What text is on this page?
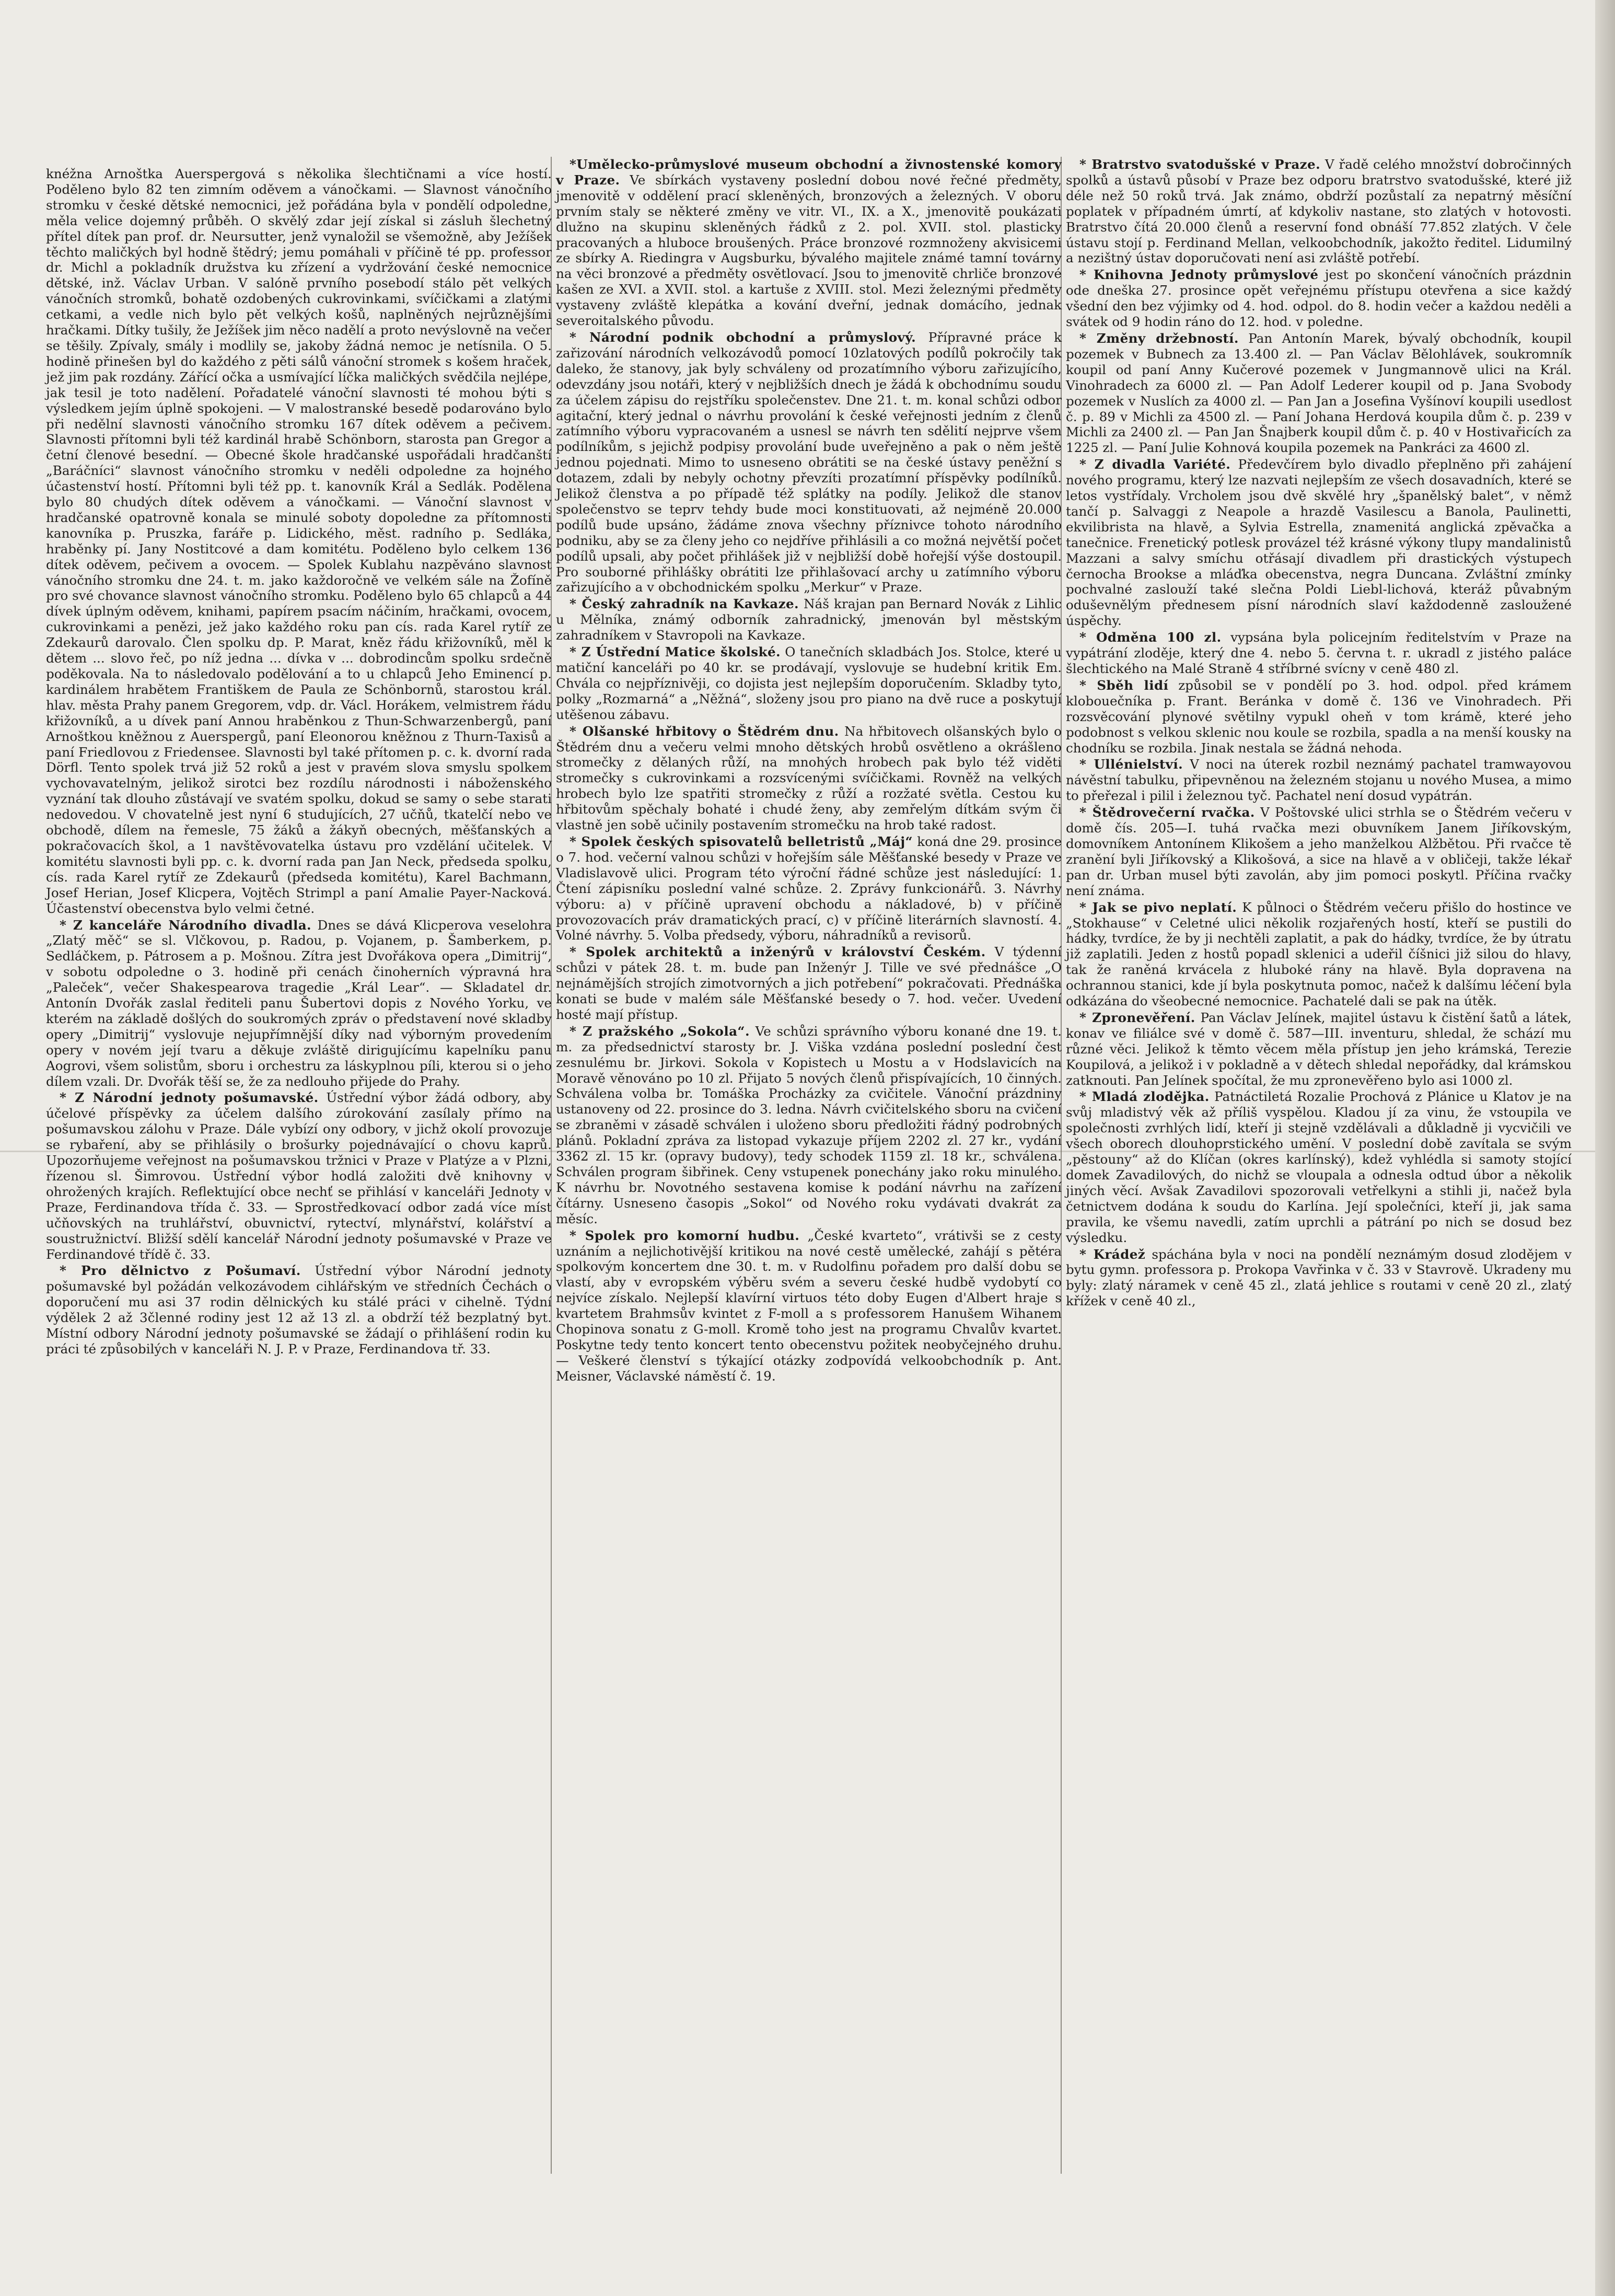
knéžna Arnoštka Auerspergová s několika šlechtičnami a více hostí. Poděleno bylo 82 ten zimním oděvem a vánočkami. — Slavnost vánočního stromku v české dětské nemocnici, jež pořádána byla v pondělí odpoledne, měla velice dojemný průběh. O skvělý zdar její získal si zásluh šlechetný přítel dítek pan prof. dr. Neursutter, jenž vynaložil se všemožně, aby Ježíšek těchto maličkých byl hodně štědrý; jemu pomáhali v příčině té pp. professor dr. Michl a pokladník družstva ku zřízení a vydržování české nemocnice dětské, inž. Václav Urban. V salóně prvního posebodí stálo pět velkých vánočních stromků, bohatě ozdobených cukrovinkami, svíčičkami a zlatými cetkami, a vedle nich bylo pět velkých košů, naplněných nejrůznějšími hračkami. Dítky tušily, že Ježíšek jim něco nadělí a proto nevýslovně na večer se těšily. Zpívaly, smály i modlily se, jakoby žádná nemoc je netísnila. O 5. hodině přinešen byl do každého z pěti sálů vánoční stromek s košem hraček, jež jim pak rozdány. Zářící očka a usmívající líčka maličkých svědčila nejlépe, jak tesil je toto nadělení. Pořadatelé vánoční slavnosti té mohou býti s výsledkem jejím úplně spokojeni. — V malostranské besedě podarováno bylo při nedělní slavnosti vánočního stromku 167 dítek oděvem a pečivem. Slavnosti přítomni byli též kardinál hrabě Schönborn, starosta pan Gregor a četní členové besední. — Obecné škole hradčanské uspořádali hradčanští „Baráčníci“ slavnost vánočního stromku v neděli odpoledne za hojného účastenství hostí. Přítomni byli též pp. t. kanovník Král a Sedlák. Podělena bylo 80 chudých dítek oděvem a vánočkami. — Vánoční slavnost v hradčanské opatrovně konala se minulé soboty dopoledne za přítomnosti kanovníka p. Pruszka, faráře p. Lidického, měst. radního p. Sedláka, hraběnky pí. Jany Nostitcové a dam komitétu. Poděleno bylo celkem 136 dítek oděvem, pečivem a ovocem. — Spolek Kublahu nazpěváno slavnost vánočního stromku dne 24. t. m. jako každoročně ve velkém sále na Žofíně pro své chovance slavnost vánočního stromku. Poděleno bylo 65 chlapců a 44 dívek úplným oděvem, knihami, papírem psacím náčiním, hračkami, ovocem, cukrovinkami a penězi, jež jako každého roku pan cís. rada Karel rytíř ze Zdekaurů darovalo. Člen spolku dp. P. Marat, kněz řádu křižovníků, měl k dětem ... slovo řeč, po níž jedna ... dívka v ... dobrodincům spolku srdečně poděkovala. Na to následovalo podělování a to u chlapců Jeho Eminencí p. kardinálem hrabětem Františkem de Paula ze Schönbornů, starostou král. hlav. města Prahy panem Gregorem, vdp. dr. Václ. Horákem, velmistrem řádu křižovníků, a u dívek paní Annou hraběnkou z Thun-Schwarzenbergů, paní Arnoštkou kněžnou z Auerspergů, paní Eleonorou kněžnou z Thurn-Taxisů a paní Friedlovou z Friedensee. Slavnosti byl také přítomen p. c. k. dvorní rada Dörfl. Tento spolek trvá již 52 roků a jest v pravém slova smyslu spolkem vychovavatelným, jelikož sirotci bez rozdílu národnosti i náboženského vyznání tak dlouho zůstávají ve svatém spolku, dokud se samy o sebe starati nedovedou. V chovatelně jest nyní 6 studujících, 27 učňů, tkatelčí nebo ve obchodě, dílem na řemesle, 75 žáků a žákyň obecných, měšťanských a pokračovacích škol, a 1 navštěvovatelka ústavu pro vzdělání učitelek. V komitétu slavnosti byli pp. c. k. dvorní rada pan Jan Neck, předseda spolku, cís. rada Karel rytíř ze Zdekaurů (předseda komitétu), Karel Bachmann, Josef Herian, Josef Klicpera, Vojtěch Strimpl a paní Amalie Payer-Nacková. Účastenství obecenstva bylo velmi četné.

* Z kanceláře Národního divadla. Dnes se dává Klicperova veselohra „Zlatý měč“ se sl. Vlčkovou, p. Radou, p. Vojanem, p. Šamberkem, p. Sedláčkem, p. Pátrosem a p. Mošnou. Zítra jest Dvořákova opera „Dimitrij“, v sobotu odpoledne o 3. hodině při cenách činoherních výpravná hra „Paleček“, večer Shakespearova tragedie „Král Lear“. — Skladatel dr. Antonín Dvořák zaslal řediteli panu Šubertovi dopis z Nového Yorku, ve kterém na základě došlých do soukromých zpráv o představení nové skladby opery „Dimitrij“ vyslovuje nejupřímnější díky nad výborným provedením opery v novém její tvaru a děkuje zvláště dirigujícímu kapelníku panu Aogrovi, všem solistům, sboru i orchestru za láskyplnou píli, kterou si o jeho dílem vzali. Dr. Dvořák těší se, že za nedlouho přijede do Prahy.

* Z Národní jednoty pošumavské. Ústřední výbor žádá odbory, aby účelové příspěvky za účelem dalšího zúrokování zasílaly přímo na pošumavskou zálohu v Praze. Dále vybízí ony odbory, v jichž okolí provozuje se rybaření, aby se přihlásily o brošurky pojednávající o chovu kaprů. Upozorňujeme veřejnost na pošumavskou tržnici v Praze v Platýze a v Plzni, řízenou sl. Šimrovou. Ústřední výbor hodlá založiti dvě knihovny v ohrožených krajích. Reflektující obce nechť se přihlásí v kanceláři Jednoty v Praze, Ferdinandova třída č. 33. — Sprostředkovací odbor zadá více míst učňovských na truhlářství, obuvnictví, rytectví, mlynářství, kolářství a soustružnictví. Bližší sdělí kancelář Národní jednoty pošumavské v Praze ve Ferdinandové třídě č. 33.

* Pro dělnictvo z Pošumaví. Ústřední výbor Národní jednoty pošumavské byl požádán velkozávodem cihlářským ve středních Čechách o doporučení mu asi 37 rodin dělnických ku stálé práci v cihelně. Týdní výdělek 2 až 3členné rodiny jest 12 až 13 zl. a obdrží též bezplatný byt. Místní odbory Národní jednoty pošumavské se žádají o přihlášení rodin ku práci té způsobilých v kanceláři N. J. P. v Praze, Ferdinandova tř. 33.

*Umělecko-průmyslové museum obchodní a živnostenské komory v Praze. Ve sbírkách vystaveny poslední dobou nové řečné předměty, jmenovitě v oddělení prací skleněných, bronzových a železných. V oboru prvním staly se některé změny ve vitr. VI., IX. a X., jmenovitě poukázati dlužno na skupinu skleněných řádků z 2. pol. XVII. stol. plasticky pracovaných a hluboce broušených. Práce bronzové rozmnoženy akvisicemi ze sbírky A. Riedingra v Augsburku, bývalého majitele známé tamní továrny na věci bronzové a předměty osvětlovací. Jsou to jmenovitě chrliče bronzové kašen ze XVI. a XVII. stol. a kartuše z XVIII. stol. Mezi železnými předměty vystaveny zvláště klepátka a kování dveřní, jednak domácího, jednak severoitalského původu.

* Národní podnik obchodní a průmyslový. Přípravné práce k zařizování národních velkozávodů pomocí 10zlatových podílů pokročily tak daleko, že stanovy, jak byly schváleny od prozatímního výboru zařizujícího, odevzdány jsou notáři, který v nejbližších dnech je žádá k obchodnímu soudu za účelem zápisu do rejstříku společenstev. Dne 21. t. m. konal schůzi odbor agitační, který jednal o návrhu provolání k české veřejnosti jedním z členů zatímního výboru vypracovaném a usnesl se návrh ten sdělití nejprve všem podílníkům, s jejichž podpisy provolání bude uveřejněno a pak o něm ještě jednou pojednati. Mimo to usneseno obrátiti se na české ústavy peněžní s dotazem, zdali by nebyly ochotny převzíti prozatímní příspěvky podílníků. Jelikož členstva a po případě též splátky na podíly. Jelikož dle stanov společenstvo se teprv tehdy bude moci konstituovati, až nejméně 20.000 podílů bude upsáno, žádáme znova všechny příznivce tohoto národního podniku, aby se za členy jeho co nejdříve přihlásili a co možná největší počet podílů upsali, aby počet přihlášek již v nejbližší době hořejší výše dostoupil. Pro souborné přihlášky obrátiti lze přihlašovací archy u zatímního výboru zařizujícího a v obchodnickém spolku „Merkur“ v Praze.

* Český zahradník na Kavkaze. Náš krajan pan Bernard Novák z Lihlic u Mělníka, známý odborník zahradnický, jmenován byl městským zahradníkem v Stavropoli na Kavkaze.

* Z Ústřední Matice školské. O tanečních skladbách Jos. Stolce, které u matiční kanceláři po 40 kr. se prodávají, vyslovuje se hudební kritik Em. Chvála co nejpříznivěji, co dojista jest nejlepším doporučením. Skladby tyto, polky „Rozmarná“ a „Něžná“, složeny jsou pro piano na dvě ruce a poskytují utěšenou zábavu.

* Olšanské hřbitovy o Štědrém dnu. Na hřbitovech olšanských bylo o Štědrém dnu a večeru velmi mnoho dětských hrobů osvětleno a okrášleno stromečky z dělaných růží, na mnohých hrobech pak bylo též viděti stromečky s cukrovinkami a rozsvícenými svíčičkami. Rovněž na velkých hrobech bylo lze spatřiti stromečky z růží a rozžaté světla. Cestou ku hřbitovům spěchaly bohaté i chudé ženy, aby zemřelým dítkám svým či vlastně jen sobě učinily postavením stromečku na hrob také radost.

* Spolek českých spisovatelů belletristů „Máj“ koná dne 29. prosince o 7. hod. večerní valnou schůzi v hořejším sále Měšťanské besedy v Praze ve Vladislavově ulici. Program této výroční řádné schůze jest následující: 1. Čtení zápisníku poslední valné schůze. 2. Zprávy funkcionářů. 3. Návrhy výboru: a) v příčině upravení obchodu a nákladové, b) v příčině provozovacích práv dramatických prací, c) v příčině literárních slavností. 4. Volné návrhy. 5. Volba předsedy, výboru, náhradníků a revisorů.

* Spolek architektů a inženýrů v království Českém. V týdenní schůzi v pátek 28. t. m. bude pan Inženýr J. Tille ve své přednášce „O nejnámějších strojích zimotvorných a jich potřebení“ pokračovati. Přednáška konati se bude v malém sále Měšťanské besedy o 7. hod. večer. Uvedení hosté mají přístup.

* Z pražského „Sokola“. Ve schůzi správního výboru konané dne 19. t. m. za předsednictví starosty br. J. Viška vzdána poslední poslední čest zesnulému br. Jirkovi. Sokola v Kopistech u Mostu a v Hodslavicích na Moravě věnováno po 10 zl. Přijato 5 nových členů přispívajících, 10 činných. Schválena volba br. Tomáška Procházky za cvičitele. Vánoční prázdniny ustanoveny od 22. prosince do 3. ledna. Návrh cvičitelského sboru na cvičení se zbraněmi v zásadě schválen i uloženo sboru předložiti řádný podrobných plánů. Pokladní zpráva za listopad vykazuje příjem 2202 zl. 27 kr., vydání 3362 zl. 15 kr. (opravy budovy), tedy schodek 1159 zl. 18 kr., schválena. Schválen program šibřinek. Ceny vstupenek ponechány jako roku minulého. K návrhu br. Novotného sestavena komise k podání návrhu na zařízení čítárny. Usneseno časopis „Sokol“ od Nového roku vydávati dvakrát za měsíc.

* Spolek pro komorní hudbu. „České kvarteto“, vrátivši se z cesty uznáním a nejlichotivější kritikou na nové cestě umělecké, zahájí s pětéra spolkovým koncertem dne 30. t. m. v Rudolfinu pořadem pro další dobu se vlastí, aby v evropském výběru svém a severu české hudbě vydobytí co nejvíce získalo. Nejlepší klavírní virtuos této doby Eugen d'Albert hraje s kvartetem Brahmsův kvintet z F-moll a s professorem Hanušem Wihanem Chopinova sonatu z G-moll. Kromě toho jest na programu Chvalův kvartet. Poskytne tedy tento koncert tento obecenstvu požitek neobyčejného druhu. — Veškeré členství s týkající otázky zodpovídá velkoobchodník p. Ant. Meisner, Václavské náměstí č. 19.

* Bratrstvo svatodušské v Praze. V řadě celého množství dobročinných spolků a ústavů působí v Praze bez odporu bratrstvo svatodušské, které již déle než 50 roků trvá. Jak známo, obdrží pozůstalí za nepatrný měsíční poplatek v případném úmrtí, ať kdykoliv nastane, sto zlatých v hotovosti. Bratrstvo čítá 20.000 členů a reservní fond obnáší 77.852 zlatých. V čele ústavu stojí p. Ferdinand Mellan, velkoobchodník, jakožto ředitel. Lidumilný a nezištný ústav doporučovati není asi zvláště potřebí.

* Knihovna Jednoty průmyslové jest po skončení vánočních prázdnin ode dneška 27. prosince opět veřejnému přístupu otevřena a sice každý všední den bez výjimky od 4. hod. odpol. do 8. hodin večer a každou neděli a svátek od 9 hodin ráno do 12. hod. v poledne.

* Změny držebností. Pan Antonín Marek, bývalý obchodník, koupil pozemek v Bubnech za 13.400 zl. — Pan Václav Bělohlávek, soukromník koupil od paní Anny Kučerové pozemek v Jungmannově ulici na Král. Vinohradech za 6000 zl. — Pan Adolf Lederer koupil od p. Jana Svobody pozemek v Nuslích za 4000 zl. — Pan Jan a Josefina Vyšínoví koupili usedlost č. p. 89 v Michli za 4500 zl. — Paní Johana Herdová koupila dům č. p. 239 v Michli za 2400 zl. — Pan Jan Šnajberk koupil dům č. p. 40 v Hostivařicích za 1225 zl. — Paní Julie Kohnová koupila pozemek na Pankráci za 4600 zl.

* Z divadla Variété. Předevčírem bylo divadlo přeplněno při zahájení nového programu, který lze nazvati nejlepším ze všech dosavadních, které se letos vystřídaly. Vrcholem jsou dvě skvělé hry „španělský balet“, v němž tančí p. Salvaggi z Neapole a hrazdě Vasilescu a Banola, Paulinetti, ekvilibrista na hlavě, a Sylvia Estrella, znamenitá anglická zpěvačka a tanečnice. Frenetický potlesk provázel též krásné výkony tlupy mandalinistů Mazzani a salvy smíchu otřásají divadlem při drastických výstupech černocha Brookse a mláďka obecenstva, negra Duncana. Zvláštní zmínky pochvalné zaslouží také slečna Poldi Liebl-lichová, kteráž půvabným oduševnělým přednesem písní národních slaví každodenně zasloužené úspěchy.

* Odměna 100 zl. vypsána byla policejním ředitelstvím v Praze na vypátrání zloděje, který dne 4. nebo 5. června t. r. ukradl z jistého paláce šlechtického na Malé Straně 4 stříbrné svícny v ceně 480 zl.

* Sběh lidí způsobil se v pondělí po 3. hod. odpol. před krámem klobouečníka p. Frant. Beránka v domě č. 136 ve Vinohradech. Při rozsvěcování plynové světilny vypukl oheň v tom krámě, které jeho podobnost s velkou sklenic nou koule se rozbila, spadla a na menší kousky na chodníku se rozbila. Jinak nestala se žádná nehoda.

* Ullénielství. V noci na úterek rozbil neznámý pachatel tramwayovou návěstní tabulku, připevněnou na železném stojanu u nového Musea, a mimo to přeřezal i pilil i železnou tyč. Pachatel není dosud vypátrán.

* Štědrovečerní rvačka. V Poštovské ulici strhla se o Štědrém večeru v domě čís. 205—I. tuhá rvačka mezi obuvníkem Janem Jiříkovským, domovníkem Antonínem Klikošem a jeho manželkou Alžbětou. Při rvačce tě zranění byli Jiříkovský a Klikošová, a sice na hlavě a v obličeji, takže lékař pan dr. Urban musel býti zavolán, aby jim pomoci poskytl. Příčina rvačky není známa.

* Jak se pivo neplatí. K půlnoci o Štědrém večeru přišlo do hostince ve „Stokhause“ v Celetné ulici několik rozjařených hostí, kteří se pustili do hádky, tvrdíce, že by ji nechtěli zaplatit, a pak do hádky, tvrdíce, že by útratu již zaplatili. Jeden z hostů popadl sklenici a udeřil číšnici již silou do hlavy, tak že raněná krvácela z hluboké rány na hlavě. Byla dopravena na ochrannou stanici, kde jí byla poskytnuta pomoc, načež k dalšímu léčení byla odkázána do všeobecné nemocnice. Pachatelé dali se pak na útěk.

* Zpronevěření. Pan Václav Jelínek, majitel ústavu k čistění šatů a látek, konav ve filiálce své v domě č. 587—III. inventuru, shledal, že schází mu různé věci. Jelikož k těmto věcem měla přístup jen jeho krámská, Terezie Koupilová, a jelikož i v pokladně a v dětech shledal nepořádky, dal krámskou zatknouti. Pan Jelínek spočítal, že mu zpronevěřeno bylo asi 1000 zl.

* Mladá zlodějka. Patnáctiletá Rozalie Prochová z Plánice u Klatov je na svůj mladistvý věk až příliš vyspělou. Kladou jí za vinu, že vstoupila ve společnosti zvrhlých lidí, kteří ji stejně vzdělávali a důkladně ji vycvičili ve všech oborech dlouhoprstického umění. V poslední době zavítala se svým „pěstouny“ až do Klíčan (okres karlínský), kdež vyhlédla si samoty stojící domek Zavadilových, do nichž se vloupala a odnesla odtud úbor a několik jiných věcí. Avšak Zavadilovi spozorovali vetřelkyni a stihli ji, načež byla četnictvem dodána k soudu do Karlína. Její společníci, kteří ji, jak sama pravila, ke všemu navedli, zatím uprchli a pátrání po nich se dosud bez výsledku.

* Krádež spáchána byla v noci na pondělí neznámým dosud zlodějem v bytu gymn. professora p. Prokopa Vavřinka v č. 33 v Stavrově. Ukradeny mu byly: zlatý náramek v ceně 45 zl., zlatá jehlice s routami v ceně 20 zl., zlatý křížek v ceně 40 zl.,
